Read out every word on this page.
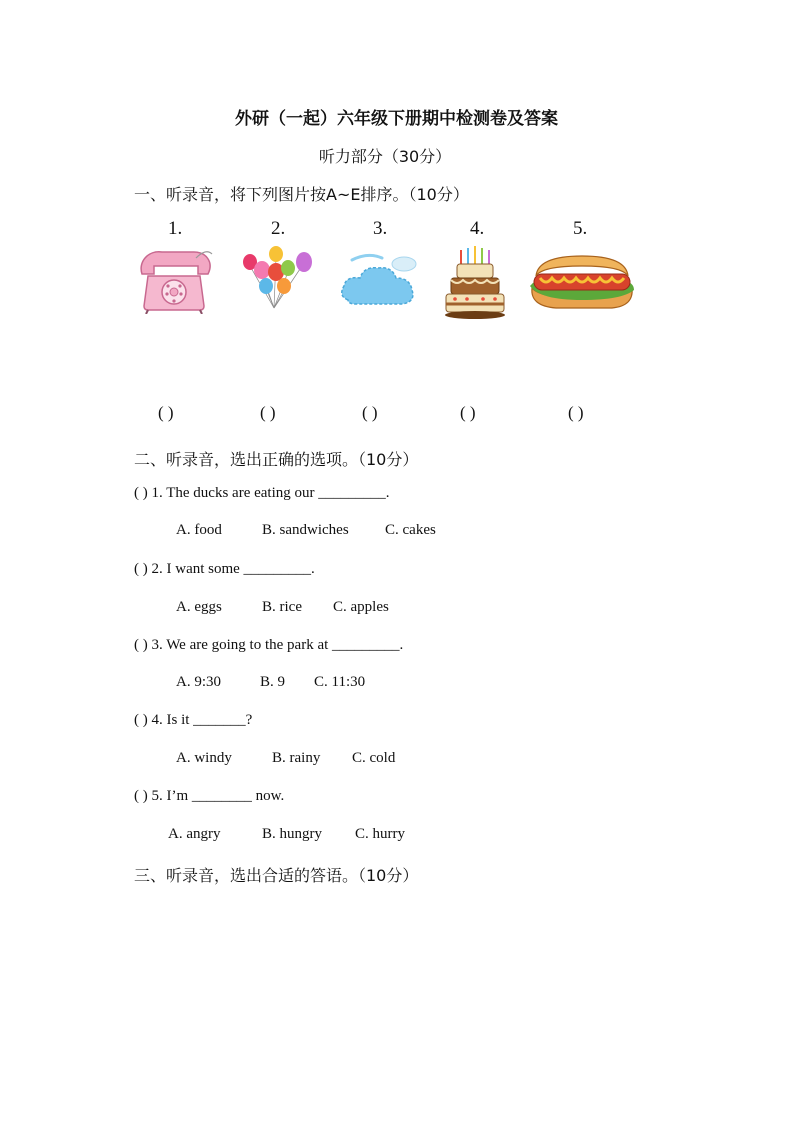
外研（一起）六年级下册期中检测卷及答案
听力部分（30分）
一、听录音，将下列图片按A~E排序。（10分）
1.	2.	3.	4.	5.
( )	( )	( )	( )	( )
二、听录音，选出正确的选项。（10分）
( ) 1. The ducks are eating our _________.
A. food	B. sandwiches C. cakes
( ) 2. I want some _________.
A. eggs	B. rice C. apples
( ) 3. We are going to the park at _________.
A. 9:30	B. 9 C. 11:30
( ) 4. Is it _______?
A. windy	B. rainy C. cold
( ) 5. I’m ________ now.
A. angry	B. hungry C. hurry
三、听录音，选出合适的答语。（10分）
